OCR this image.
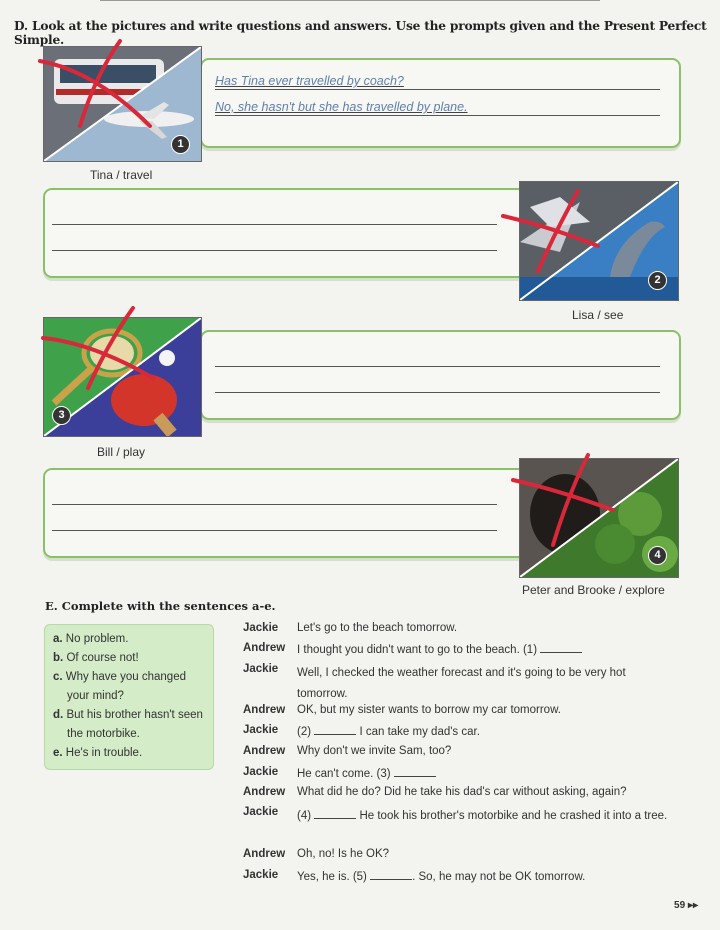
D. Look at the pictures and write questions and answers. Use the prompts given and the Present Perfect Simple.
Has Tina ever travelled by coach?
No, she hasn't but she has travelled by plane.
1
Tina / travel
2
Lisa / see
3
Bill / play
4
Peter and Brooke / explore
E. Complete with the sentences a-e.
a. No problem.
b. Of course not!
c. Why have you changed your mind?
d. But his brother hasn't seen the motorbike.
e. He's in trouble.
Jackie	Let's go to the beach tomorrow.
Andrew	I thought you didn't want to go to the beach. (1)
Jackie	Well, I checked the weather forecast and it's going to be very hot tomorrow.
Andrew	OK, but my sister wants to borrow my car tomorrow.
Jackie	(2)	I can take my dad's car.
Andrew	Why don't we invite Sam, too?
Jackie	He can't come. (3)
Andrew	What did he do? Did he take his dad's car without asking, again?
Jackie	(4)	He took his brother's motorbike and he crashed it into a tree.
Andrew	Oh, no! Is he OK?
Jackie	Yes, he is. (5)	. So, he may not be OK tomorrow.
59 ▸▸
